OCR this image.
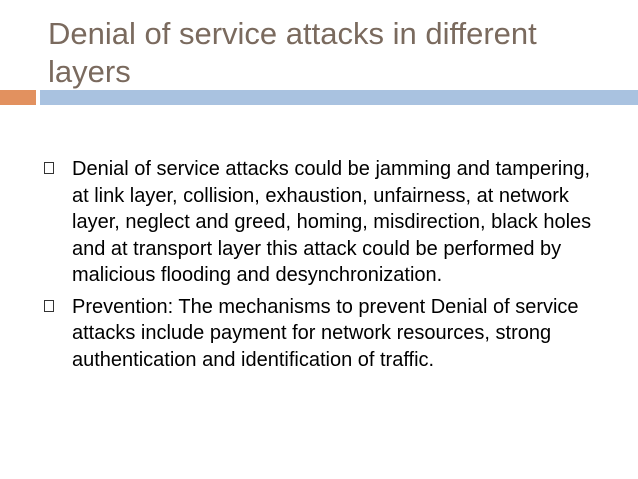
Denial of service attacks in different layers
Denial of service attacks could be jamming and tampering, at link layer, collision, exhaustion, unfairness, at network layer, neglect and greed, homing, misdirection, black holes and at transport layer this attack could be performed by malicious flooding and desynchronization.
Prevention: The mechanisms to prevent Denial of service attacks include payment for network resources, strong authentication and identification of traffic.
